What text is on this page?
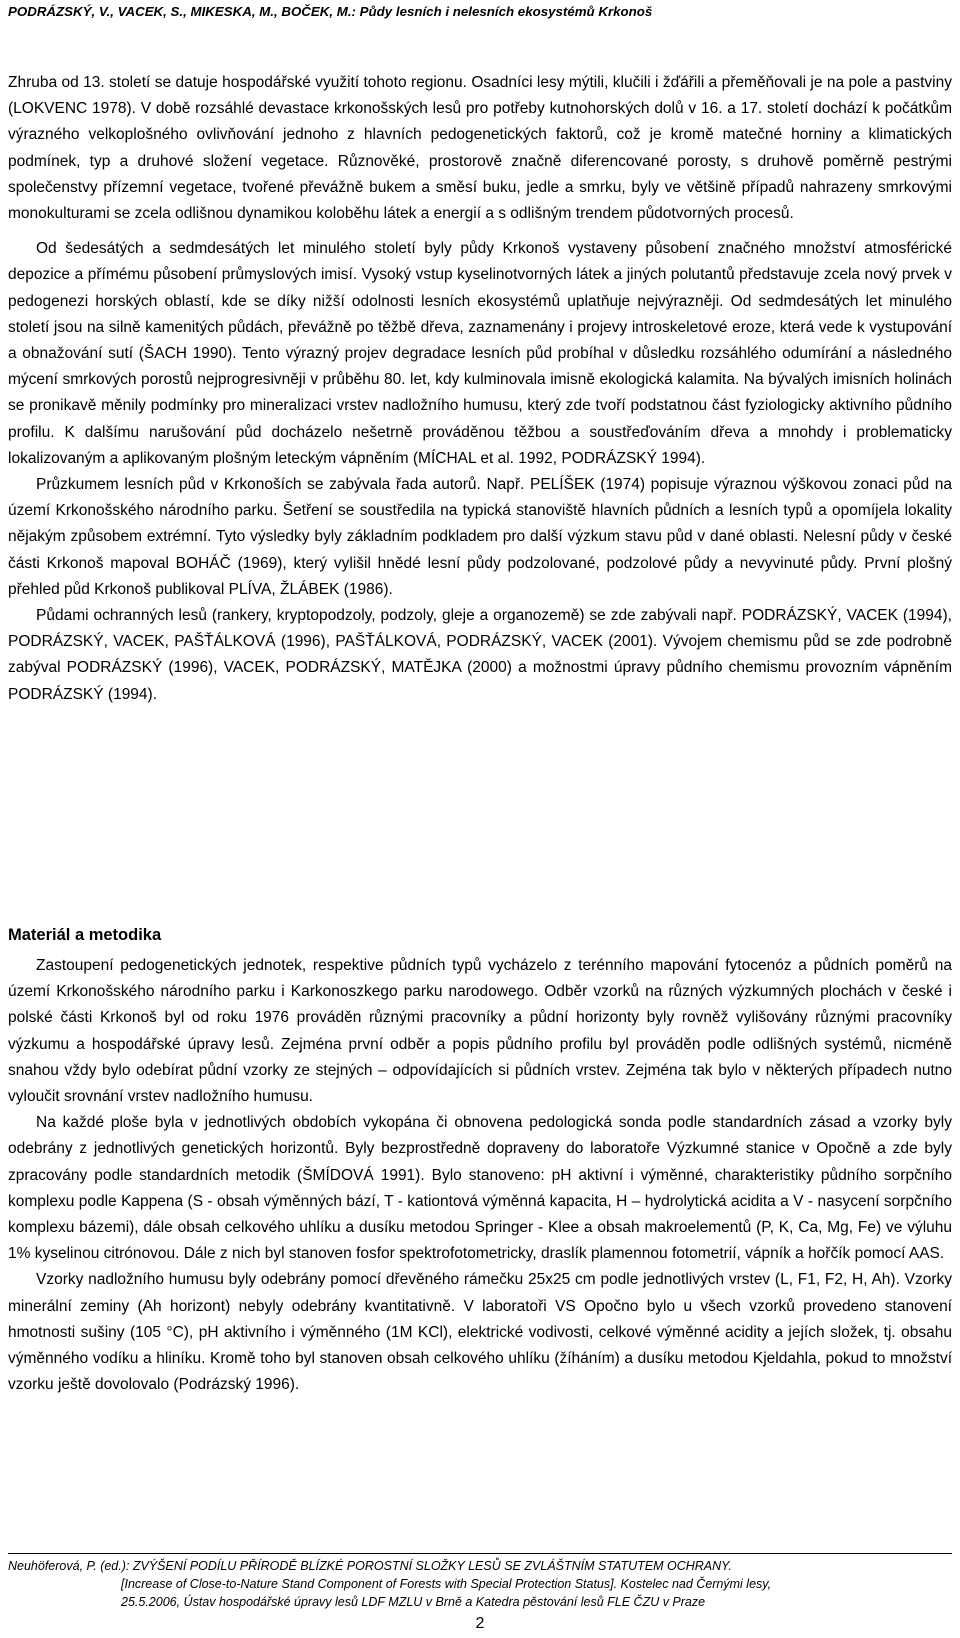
PODRÁZSKÝ, V., VACEK, S., MIKESKA, M., BOČEK, M.: Půdy lesních i nelesních ekosystémů Krkonoš

Zhruba od 13. století se datuje hospodářské využití tohoto regionu. Osadníci lesy mýtili, klučili i žďářili a přeměňovali je na pole a pastviny (LOKVENC 1978). V době rozsáhlé devastace krkonošských lesů pro potřeby kutnohorských dolů v 16. a 17. století dochází k počátkům výrazného velkoplošného ovlivňování jednoho z hlavních pedogenetických faktorů, což je kromě matečné horniny a klimatických podmínek, typ a druhové složení vegetace. Různověké, prostorově značně diferencované porosty, s druhově poměrně pestrými společenstvy přízemní vegetace, tvořené převážně bukem a směsí buku, jedle a smrku, byly ve většině případů nahrazeny smrkovými monokulturami se zcela odlišnou dynamikou koloběhu látek a energií a s odlišným trendem půdotvorných procesů.

Od šedesátých a sedmdesátých let minulého století byly půdy Krkonoš vystaveny působení značného množství atmosférické depozice a přímému působení průmyslových imisí. Vysoký vstup kyselinotvorných látek a jiných polutantů představuje zcela nový prvek v pedogenezi horských oblastí, kde se díky nižší odolnosti lesních ekosystémů uplatňuje nejvýrazněji. Od sedmdesátých let minulého století jsou na silně kamenitých půdách, převážně po těžbě dřeva, zaznamenány i projevy introskeletové eroze, která vede k vystupování a obnažování sutí (ŠACH 1990). Tento výrazný projev degradace lesních půd probíhal v důsledku rozsáhlého odumírání a následného mýcení smrkových porostů nejprogresivněji v průběhu 80. let, kdy kulminovala imisně ekologická kalamita. Na bývalých imisních holinách se pronikavě měnily podmínky pro mineralizaci vrstev nadložního humusu, který zde tvoří podstatnou část fyziologicky aktivního půdního profilu. K dalšímu narušování půd docházelo nešetrně prováděnou těžbou a soustřeďováním dřeva a mnohdy i problematicky lokalizovaným a aplikovaným plošným leteckým vápněním (MÍCHAL et al. 1992, PODRÁZSKÝ 1994).

Průzkumem lesních půd v Krkonoších se zabývala řada autorů. Např. PELÍŠEK (1974) popisuje výraznou výškovou zonaci půd na území Krkonošského národního parku. Šetření se soustředila na typická stanoviště hlavních půdních a lesních typů a opomíjela lokality nějakým způsobem extrémní. Tyto výsledky byly základním podkladem pro další výzkum stavu půd v dané oblasti. Nelesní půdy v české části Krkonoš mapoval BOHÁČ (1969), který vylišil hnědé lesní půdy podzolované, podzolové půdy a nevyvinuté půdy. První plošný přehled půd Krkonoš publikoval PLÍVA, ŽLÁBEK (1986).

Půdami ochranných lesů (rankery, kryptopodzoly, podzoly, gleje a organozemě) se zde zabývali např. PODRÁZSKÝ, VACEK (1994), PODRÁZSKÝ, VACEK, PAŠŤÁLKOVÁ (1996), PAŠŤÁLKOVÁ, PODRÁZSKÝ, VACEK (2001). Vývojem chemismu půd se zde podrobně zabýval PODRÁZSKÝ (1996), VACEK, PODRÁZSKÝ, MATĚJKA (2000) a možnostmi úpravy půdního chemismu provozním vápněním PODRÁZSKÝ (1994).

Materiál a metodika

Zastoupení pedogenetických jednotek, respektive půdních typů vycházelo z terénního mapování fytocenóz a půdních poměrů na území Krkonošského národního parku i Karkonoszkego parku narodowego. Odběr vzorků na různých výzkumných plochách v české i polské části Krkonoš byl od roku 1976 prováděn různými pracovníky a půdní horizonty byly rovněž vylišovány různými pracovníky výzkumu a hospodářské úpravy lesů. Zejména první odběr a popis půdního profilu byl prováděn podle odlišných systémů, nicméně snahou vždy bylo odebírat půdní vzorky ze stejných – odpovídajících si půdních vrstev. Zejména tak bylo v některých případech nutno vyloučit srovnání vrstev nadložního humusu.

Na každé ploše byla v jednotlivých obdobích vykopána či obnovena pedologická sonda podle standardních zásad a vzorky byly odebrány z jednotlivých genetických horizontů. Byly bezprostředně dopraveny do laboratoře Výzkumné stanice v Opočně a zde byly zpracovány podle standardních metodik (ŠMÍDOVÁ 1991). Bylo stanoveno: pH aktivní i výměnné, charakteristiky půdního sorpčního komplexu podle Kappena (S - obsah výměnných bází, T - kationtová výměnná kapacita, H – hydrolytická acidita a V - nasycení sorpčního komplexu bázemi), dále obsah celkového uhlíku a dusíku metodou Springer - Klee a obsah makroelementů (P, K, Ca, Mg, Fe) ve výluhu 1% kyselinou citrónovou. Dále z nich byl stanoven fosfor spektrofotometricky, draslík plamennou fotometrií, vápník a hořčík pomocí AAS.

Vzorky nadložního humusu byly odebrány pomocí dřevěného rámečku 25x25 cm podle jednotlivých vrstev (L, F1, F2, H, Ah). Vzorky minerální zeminy (Ah horizont) nebyly odebrány kvantitativně. V laboratoři VS Opočno bylo u všech vzorků provedeno stanovení hmotnosti sušiny (105 °C), pH aktivního i výměnného (1M KCl), elektrické vodivosti, celkové výměnné acidity a jejích složek, tj. obsahu výměnného vodíku a hliníku. Kromě toho byl stanoven obsah celkového uhlíku (žíháním) a dusíku metodou Kjeldahla, pokud to množství vzorku ještě dovolovalo (Podrázský 1996).

Neuhöferová, P. (ed.): ZVÝŠENÍ PODÍLU PŘÍRODĚ BLÍZKÉ POROSTNÍ SLOŽKY LESŮ SE ZVLÁŠTNÍM STATUTEM OCHRANY.
[Increase of Close-to-Nature Stand Component of Forests with Special Protection Status]. Kostelec nad Černými lesy,
25.5.2006, Ústav hospodářské úpravy lesů LDF MZLU v Brně a Katedra pěstování lesů FLE ČZU v Praze
2
